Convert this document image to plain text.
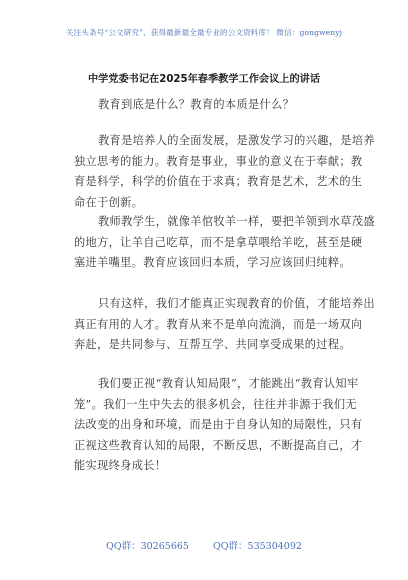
关注头条号“公文研究”，获得最新最全最专业的公文资料库！ 微信：gongwenyj
中学党委书记在2025年春季教学工作会议上的讲话
教育到底是什么？教育的本质是什么？
教育是培养人的全面发展，是激发学习的兴趣，是培养
独立思考的能力。教育是事业，事业的意义在于奉献；教
育是科学，科学的价值在于求真；教育是艺术，艺术的生
命在于创新。
教师教学生，就像羊倌牧羊一样，要把羊领到水草茂盛
的地方，让羊自己吃草，而不是拿草喂给羊吃，甚至是硬
塞进羊嘴里。教育应该回归本质，学习应该回归纯粹。
只有这样，我们才能真正实现教育的价值，才能培养出
真正有用的人才。教育从来不是单向流淌，而是一场双向
奔赴，是共同参与、互帮互学、共同享受成果的过程。
我们要正视“教育认知局限”，才能跳出“教育认知牢
笼”。我们一生中失去的很多机会，往往并非源于我们无
法改变的出身和环境，而是由于自身认知的局限性，只有
正视这些教育认知的局限，不断反思，不断提高自己，才
能实现终身成长！
QQ群：30265665	QQ群：535304092
